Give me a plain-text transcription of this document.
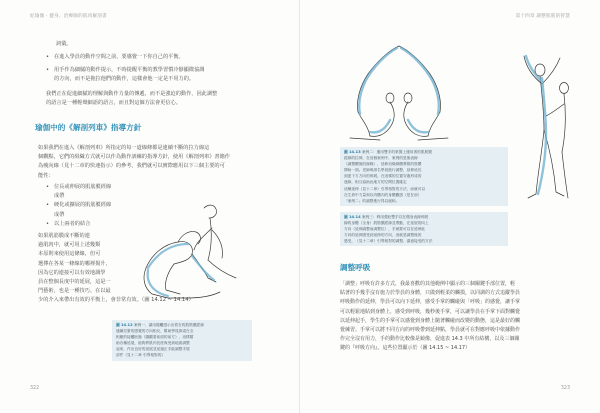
紀瑜伽 · 健身、治療師的肌肉解剖書
詞彙。
• 在進入學員的動作空間之前，要感覺一下你自己的平衡。
• 用手作為細膩的動作提示，不時提醒平衡的教學習慣冷靜顯微協調
的方向，而不是拖拉他們的動作，這樣會他一定是不用力的。
我們正在促進細膩的理解與動作力量的傳遞，而不是強迫的動作，因此調整
的語言是一種輕聲細語的語言，而且對這個方法會更信心。
瑜伽中的《解剖列車》指導方針
如果我們在進入《解剖列車》所指定的每一道線條都是連續不斷的拉力線這
個觀點，它們的組織方式就可以作為動作訓練的指導方針，使用《解剖列車》書籍作
為瘦向線（見十二章的快速指示）的參考，我們就可以實際應用以下三個主要的可
能性：
• 位長或伸展的肌筋膜經線
成帶
• 硬化或擴展的肌筋膜經線
成帶
• 以上兩者的結合
如果肌筋膜成不斷的連
過肌肉中，就可用上述幾類
本原則來使用這條線，但可
選擇在各某一條線的哪裡揚升，
因為它的連接可以有效地調學
員在整個長度中的延展，這是一
門藝術，也是一種技巧。在以最
少的介入來帶出有效的平衡上，會非常有效。（圖 14.12 ~ 14.14）
圖 14.12 案例一，讓用健觸感示出着在的肌筋膜經線
連續拉緊的感覺的方向相反，幫助學員探索在全
相應的接觸狀態（圖觀看前面的前方），這樣幫
助各種延展，能夠將肌肉長度與受到地面調整
起來，作出良好的延展並延過正手能調整手展
部件（見十二章 引導相對的）
322
第十四章 調整肌筋的智慧
圖 14.13 案例二：運用雙手的掌握上運用著的肌筋膜
經線的拉伸，在這個案例中，案例的是後表線
（調整體後的線條），延伸這條線體實際的肢體
開始一面。老師與兩名學員進行調整，延伸延長
到達下方方向的伸展。在這樣的位置穿過形成的
連線，相互協助此地方的空間位置確定
這種延伸（見十二章）引導相對的方法，而就可以
在生命中力量和以肉體內的身體觀感（是在前）
「案例二」的調整進行得以緩和。
圖 14.14 案例三：利用強壯雙手以在側身表線伸展
線的身體（全身）肌筋膜經線並帶動，在延展的向上
方向（延伸調整而調整位），手就要可以在延伸此
方向的延伸感受到延伸的方向，這就是調整後的
感受，（見十二章）引導相對的調整，讓意接受的方法
調整呼吸
「調整」呼吸有許多方式，我最喜歡的其他範例中顯示的三個關鍵手部位置，輕
貼著的手幾乎沒有施力於學員的身體，只做到輕柔的觸摸，以同調的方式追蹤學員
呼吸動作的延伸，學員可以向下延伸，感受手掌的觸碰與「呼吸」的感覺，讓手掌
可以輕鬆地貼到身體上，感受到呼吸，幾秒後手掌，可以讓學員在手掌下面對觸覺
以延伸起手，學生的手掌可以感覺到身體上隨著觸碰而改變的動態，這是最好的觸
覺練習。手掌可以將不同方向的呼吸帶到延伸點，學員就可在對應呼吸中依據動作
作完全沒有用力，手的動作比較像是鏡像，促進表 14.3 中所有結構，以及三個關
鍵的『呼吸方向』。這些位置顯示於（圖 14.15 ~ 14.17）
323
